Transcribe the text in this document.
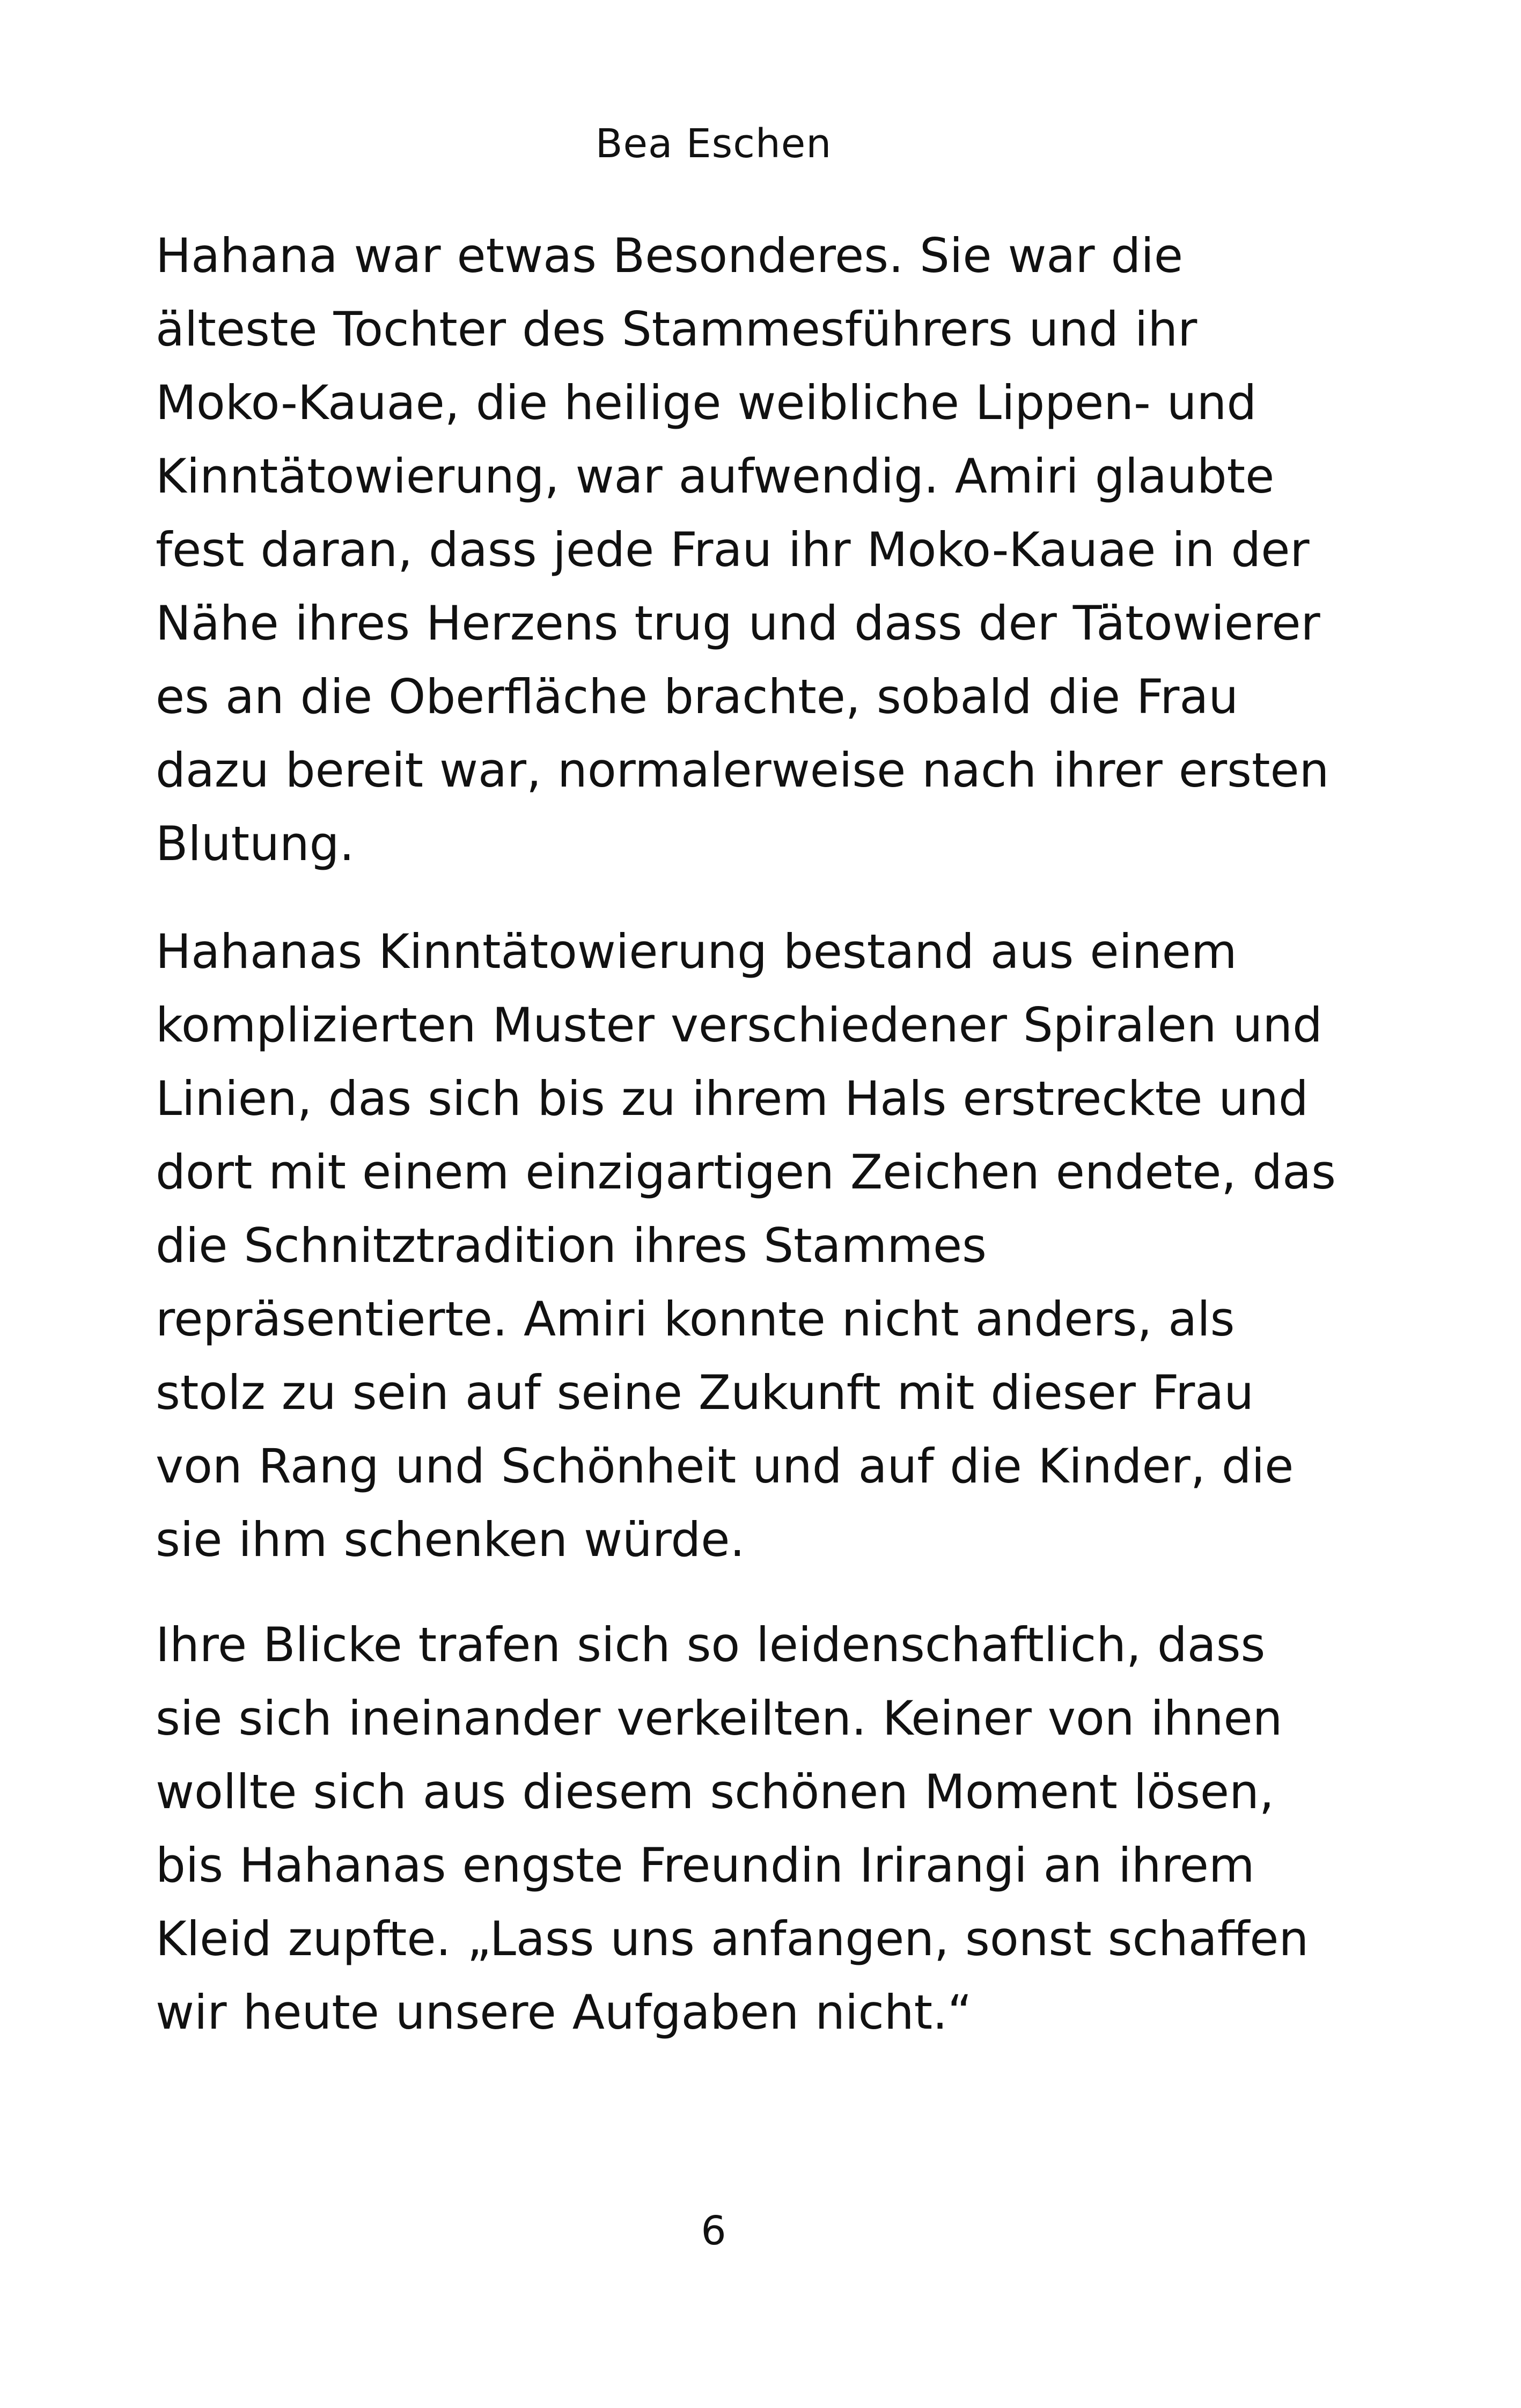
Bea Eschen
Hahana war etwas Besonderes. Sie war die
älteste Tochter des Stammesführers und ihr
Moko-Kauae, die heilige weibliche Lippen- und
Kinntätowierung, war aufwendig. Amiri glaubte
fest daran, dass jede Frau ihr Moko-Kauae in der
Nähe ihres Herzens trug und dass der Tätowierer
es an die Oberfläche brachte, sobald die Frau
dazu bereit war, normalerweise nach ihrer ersten
Blutung.
Hahanas Kinntätowierung bestand aus einem
komplizierten Muster verschiedener Spiralen und
Linien, das sich bis zu ihrem Hals erstreckte und
dort mit einem einzigartigen Zeichen endete, das
die Schnitztradition ihres Stammes
repräsentierte. Amiri konnte nicht anders, als
stolz zu sein auf seine Zukunft mit dieser Frau
von Rang und Schönheit und auf die Kinder, die
sie ihm schenken würde.
Ihre Blicke trafen sich so leidenschaftlich, dass
sie sich ineinander verkeilten. Keiner von ihnen
wollte sich aus diesem schönen Moment lösen,
bis Hahanas engste Freundin Irirangi an ihrem
Kleid zupfte. „Lass uns anfangen, sonst schaffen
wir heute unsere Aufgaben nicht.“
6
